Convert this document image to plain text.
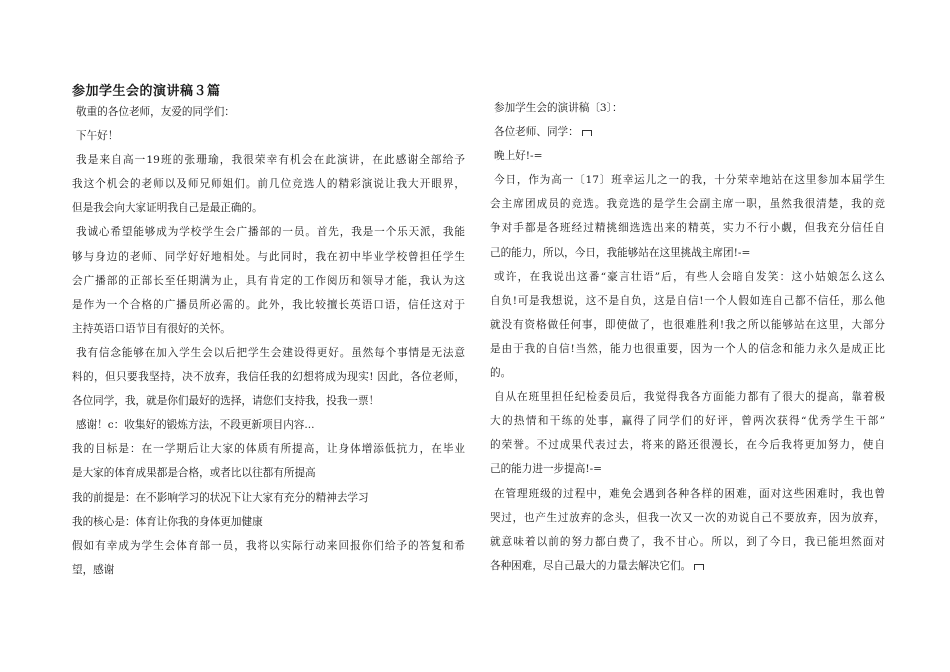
参加学生会的演讲稿３篇
敬重的各位老师，友爱的同学们：
下午好！
我是来自高一19班的张珊瑜，我很荣幸有机会在此演讲，在此感谢全部给予
我这个机会的老师以及师兄师姐们。前几位竞选人的精彩演说让我大开眼界，
但是我会向大家证明我自己是最正确的。
我诚心希望能够成为学校学生会广播部的一员。首先，我是一个乐天派，我能
够与身边的老师、同学好好地相处。与此同时，我在初中毕业学校曾担任学生
会广播部的正部长至任期满为止，具有肯定的工作阅历和领导才能，我认为这
是作为一个合格的广播员所必需的。此外，我比较擅长英语口语，信任这对于
主持英语口语节目有很好的关怀。
我有信念能够在加入学生会以后把学生会建设得更好。虽然每个事情是无法意
料的，但只要我坚持，决不放弃，我信任我的幻想将成为现实! 因此，各位老师，
各位同学，我，就是你们最好的选择，请您们支持我，投我一票！
感谢！c：收集好的锻炼方法，不段更新项目内容...
我的目标是：在一学期后让大家的体质有所提高，让身体增添低抗力，在毕业
是大家的体育成果都是合格，或者比以往都有所提高
我的前提是：在不影响学习的状况下让大家有充分的精神去学习
我的核心是：体育让你我的身体更加健康
假如有幸成为学生会体育部一员，我将以实际行动来回报你们给予的答复和希
望，感谢
参加学生会的演讲稿〔3〕：
各位老师、同学：
晚上好!-=
今日，作为高一〔17〕班幸运儿之一的我，十分荣幸地站在这里参加本届学生
会主席团成员的竞选。我竞选的是学生会副主席一职，虽然我很清楚，我的竞
争对手都是各班经过精挑细选选出来的精英，实力不行小觑，但我充分信任自
己的能力，所以，今日，我能够站在这里挑战主席团!-=
或许，在我说出这番“豪言壮语”后，有些人会暗自发笑：这小姑娘怎么这么
自负!可是我想说，这不是自负，这是自信!一个人假如连自己都不信任，那么他
就没有资格做任何事，即使做了，也很难胜利!我之所以能够站在这里，大部分
是由于我的自信!当然，能力也很重要，因为一个人的信念和能力永久是成正比
的。
自从在班里担任纪检委员后，我觉得我各方面能力都有了很大的提高，靠着极
大的热情和干练的处事，赢得了同学们的好评，曾两次获得“优秀学生干部”
的荣誉。不过成果代表过去，将来的路还很漫长，在今后我将更加努力，使自
己的能力进一步提高!-=
在管理班级的过程中，难免会遇到各种各样的困难，面对这些困难时，我也曾
哭过，也产生过放弃的念头，但我一次又一次的劝说自己不要放弃，因为放弃，
就意味着以前的努力都白费了，我不甘心。所以，到了今日，我已能坦然面对
各种困难，尽自己最大的力量去解决它们。
